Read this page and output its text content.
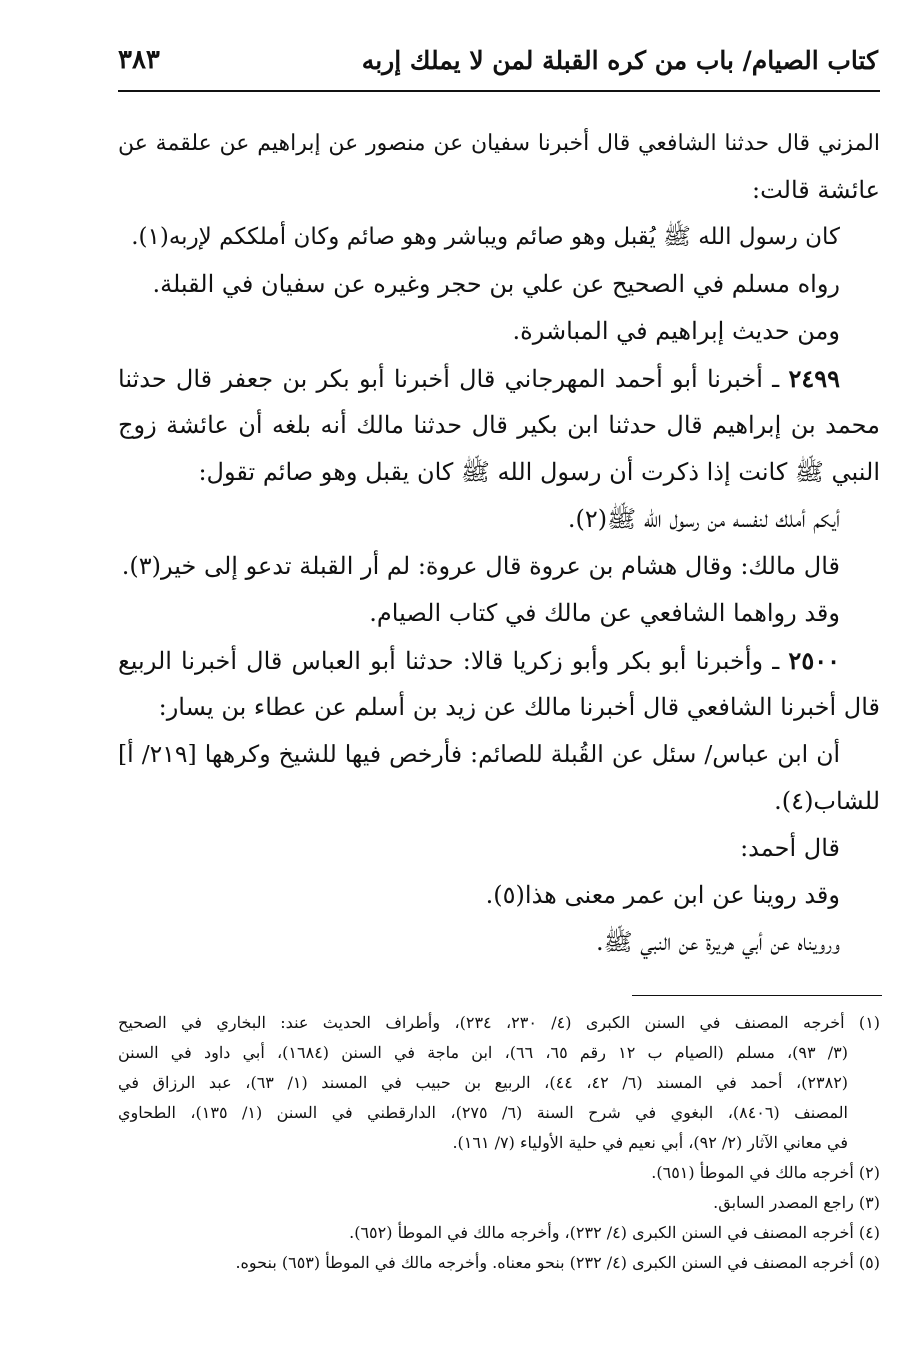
كتاب الصيام/ باب من كره القبلة لمن لا يملك إربه
٣٨٣
المزني قال حدثنا الشافعي قال أخبرنا سفيان عن منصور عن إبراهيم عن علقمة عن
عائشة قالت:
كان رسول الله ﷺ يُقبل وهو صائم ويباشر وهو صائم وكان أملككم لإربه(١).
رواه مسلم في الصحيح عن علي بن حجر وغيره عن سفيان في القبلة.
ومن حديث إبراهيم في المباشرة.
٢٤٩٩ ـ أخبرنا أبو أحمد المهرجاني قال أخبرنا أبو بكر بن جعفر قال حدثنا
محمد بن إبراهيم قال حدثنا ابن بكير قال حدثنا مالك أنه بلغه أن عائشة زوج
النبي ﷺ كانت إذا ذكرت أن رسول الله ﷺ كان يقبل وهو صائم تقول:
أيكم أملك لنفسه من رسول الله ﷺ(٢).
قال مالك: وقال هشام بن عروة قال عروة: لم أر القبلة تدعو إلى خير(٣).
وقد رواهما الشافعي عن مالك في كتاب الصيام.
٢٥٠٠ ـ وأخبرنا أبو بكر وأبو زكريا قالا: حدثنا أبو العباس قال أخبرنا الربيع
قال أخبرنا الشافعي قال أخبرنا مالك عن زيد بن أسلم عن عطاء بن يسار:
أن ابن عباس/ سئل عن القُبلة للصائم: فأرخص فيها للشيخ وكرهها [٢١٩/ أ]
للشاب(٤).
قال أحمد:
وقد روينا عن ابن عمر معنى هذا(٥).
ورويناه عن أبي هريرة عن النبي ﷺ.
(١) أخرجه المصنف في السنن الكبرى (٤/ ٢٣٠، ٢٣٤)، وأطراف الحديث عند: البخاري في الصحيح
(٣/ ٩٣)، مسلم (الصيام ب ١٢ رقم ٦٥، ٦٦)، ابن ماجة في السنن (١٦٨٤)، أبي داود في السنن
(٢٣٨٢)، أحمد في المسند (٦/ ٤٢، ٤٤)، الربيع بن حبيب في المسند (١/ ٦٣)، عبد الرزاق في
المصنف (٨٤٠٦)، البغوي في شرح السنة (٦/ ٢٧٥)، الدارقطني في السنن (١/ ١٣٥)، الطحاوي
في معاني الآثار (٢/ ٩٢)، أبي نعيم في حلية الأولياء (٧/ ١٦١).
(٢) أخرجه مالك في الموطأ (٦٥١).
(٣) راجع المصدر السابق.
(٤) أخرجه المصنف في السنن الكبرى (٤/ ٢٣٢)، وأخرجه مالك في الموطأ (٦٥٢).
(٥) أخرجه المصنف في السنن الكبرى (٤/ ٢٣٢) بنحو معناه. وأخرجه مالك في الموطأ (٦٥٣) بنحوه.
